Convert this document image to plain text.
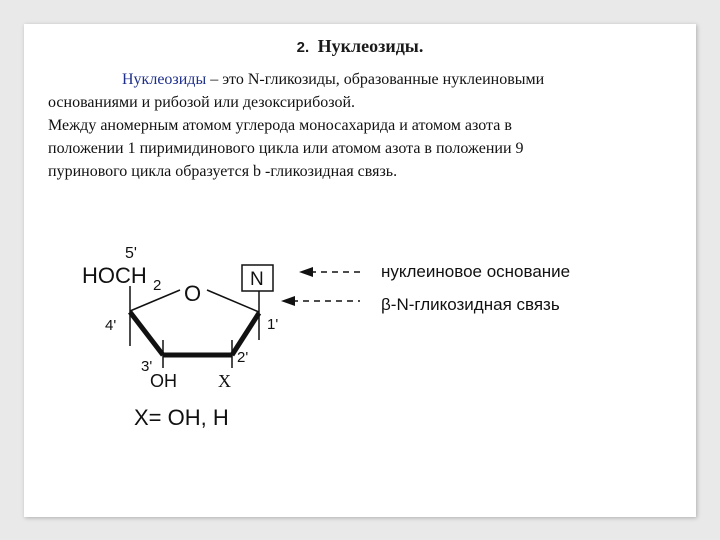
2. Нуклеозиды.

Нуклеозиды – это N-гликозиды, образованные нуклеиновыми

основаниями и рибозой или дезоксирибозой.

Между аномерным атомом углерода моносахарида и атомом азота в

положении 1 пиримидинового цикла или атомом азота в положении 9

пуринового цикла образуется b -гликозидная связь.

5'
HOCH 2 O
N
4'	1'
3'
2'
OH X
X= OH, H
нуклеиновое основание
β-N-гликозидная связь
